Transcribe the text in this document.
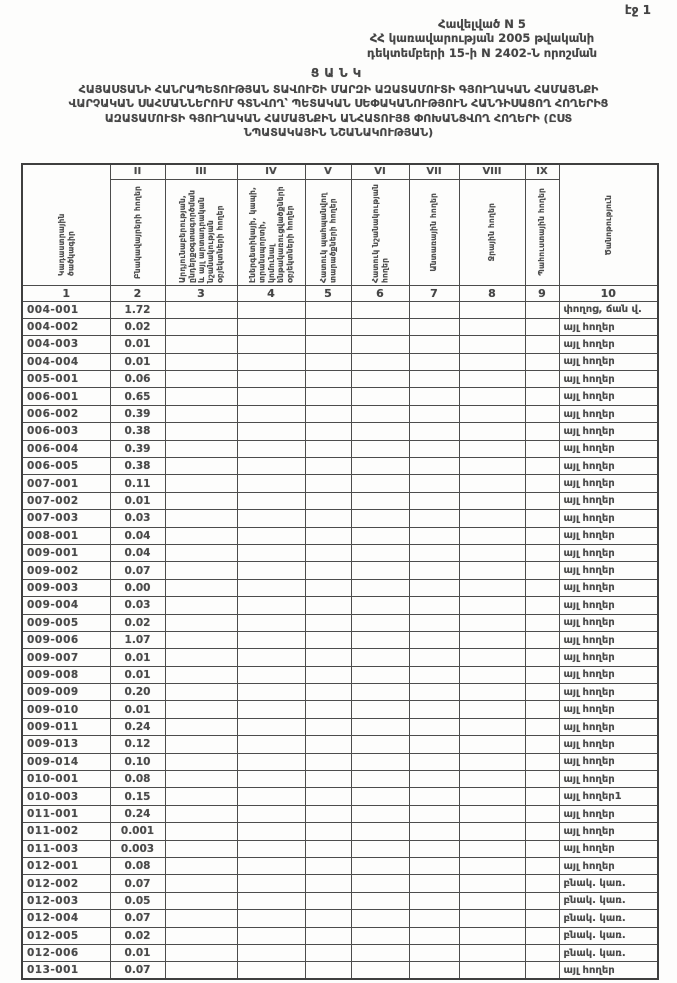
էջ 1
Հավելված N 5
ՀՀ կառավարության 2005 թվականի
դեկտեմբերի 15-ի N 2402-Ն որոշման
ՑԱՆԿ
ՀԱՅԱՍՏԱՆԻ ՀԱՆՐԱՊԵՏՈՒԹՅԱՆ ՏԱՎՈՒՇԻ ՄԱՐԶԻ ԱԶԱՏԱՄՈՒՏԻ ԳՅՈՒՂԱԿԱՆ ՀԱՄԱՅՆՔԻ
ՎԱՐՉԱԿԱՆ ՍԱՀՄԱՆՆԵՐՈՒՄ ԳՏՆՎՈՂ՝ ՊԵՏԱԿԱՆ ՍԵՓԱԿԱՆՈՒԹՅՈՒՆ ՀԱՆԴԻՍԱՑՈՂ ՀՈՂԵՐԻՑ
ԱԶԱՏԱՄՈՒՏԻ ԳՅՈՒՂԱԿԱՆ ՀԱՄԱՅՆՔԻՆ ԱՆՀԱՏՈՒՅՑ ՓՈԽԱՆՑՎՈՂ ՀՈՂԵՐԻ (ԸՍՏ
ՆՊԱՏԱԿԱՅԻՆ ՆՇԱՆԱԿՈՒԹՅԱՆ)
Կադաստրային ծածկագիր	II	III	IV	V	VI	VII	VIII	IX	Ծանոթություն

	Բնակավայրերի հողեր	Արդյունաբերության, ընդերքօգտագործման և այլ արտադրական նշանակության օբյեկտների հողեր	Էներգետիկայի, կապի, տրանսպորտի, կոմունալ ենթակառուցվածքների օբյեկտների հողեր	Հատուկ պահպանվող տարածքների հողեր	Հատուկ նշանակության հողեր	Անտառային հողեր	Ջրային հողեր	Պահուստային հողեր	

1	2	3	4	5	6	7	8	9	10
004-001	1.72								փողոց, ճան վ.
004-002	0.02								այլ հողեր
004-003	0.01								այլ հողեր
004-004	0.01								այլ հողեր
005-001	0.06								այլ հողեր
006-001	0.65								այլ հողեր
006-002	0.39								այլ հողեր
006-003	0.38								այլ հողեր
006-004	0.39								այլ հողեր
006-005	0.38								այլ հողեր
007-001	0.11								այլ հողեր
007-002	0.01								այլ հողեր
007-003	0.03								այլ հողեր
008-001	0.04								այլ հողեր
009-001	0.04								այլ հողեր
009-002	0.07								այլ հողեր
009-003	0.00								այլ հողեր
009-004	0.03								այլ հողեր
009-005	0.02								այլ հողեր
009-006	1.07								այլ հողեր
009-007	0.01								այլ հողեր
009-008	0.01								այլ հողեր
009-009	0.20								այլ հողեր
009-010	0.01								այլ հողեր
009-011	0.24								այլ հողեր
009-013	0.12								այլ հողեր
009-014	0.10								այլ հողեր
010-001	0.08								այլ հողեր
010-003	0.15								այլ հողեր1
011-001	0.24								այլ հողեր
011-002	0.001								այլ հողեր
011-003	0.003								այլ հողեր
012-001	0.08								այլ հողեր
012-002	0.07								բնակ. կառ.
012-003	0.05								բնակ. կառ.
012-004	0.07								բնակ. կառ.
012-005	0.02								բնակ. կառ.
012-006	0.01								բնակ. կառ.
013-001	0.07								այլ հողեր
